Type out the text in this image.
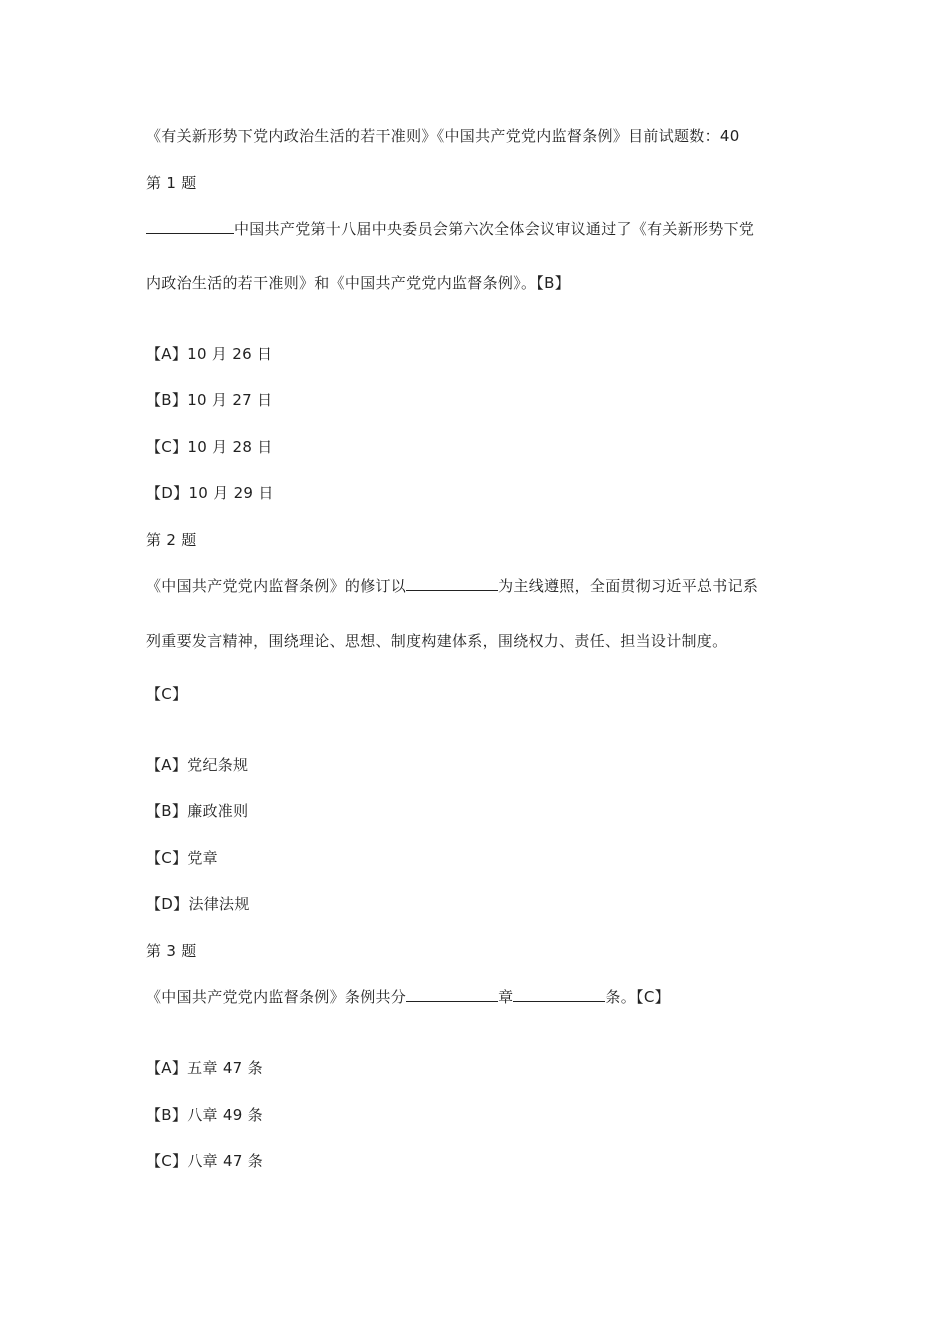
《有关新形势下党内政治生活的若干准则》《中国共产党党内监督条例》目前试题数：40
第 1 题
中国共产党第十八届中央委员会第六次全体会议审议通过了《有关新形势下党
内政治生活的若干准则》和《中国共产党党内监督条例》。【B】
【A】10 月 26 日
【B】10 月 27 日
【C】10 月 28 日
【D】10 月 29 日
第 2 题
《中国共产党党内监督条例》的修订以	为主线遵照，全面贯彻习近平总书记系
列重要发言精神，围绕理论、思想、制度构建体系，围绕权力、责任、担当设计制度。
【C】
【A】党纪条规
【B】廉政准则
【C】党章
【D】法律法规
第 3 题
《中国共产党党内监督条例》条例共分	章	条。【C】
【A】五章 47 条
【B】八章 49 条
【C】八章 47 条
